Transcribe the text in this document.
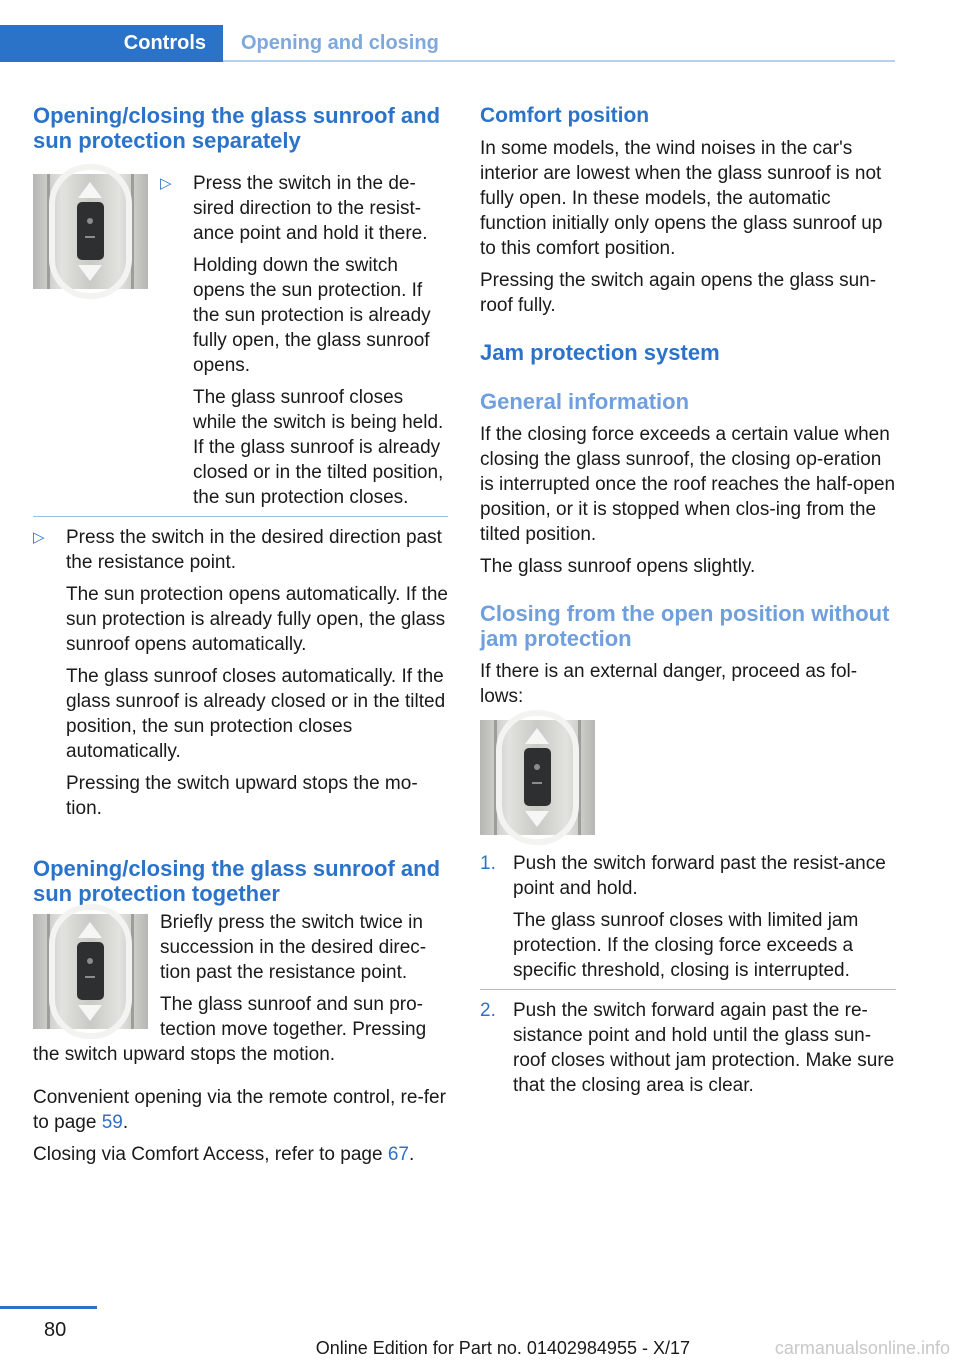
Controls Opening and closing
Opening/closing the glass sunroof and sun protection separately
▷	Press the switch in the de-sired direction to the resist-ance point and hold it there.

Holding down the switch opens the sun protection. If the sun protection is already fully open, the glass sunroof opens.

The glass sunroof closes while the switch is being held. If the glass sunroof is already closed or in the tilted position, the sun protection closes.

▷	Press the switch in the desired direction past the resistance point.

The sun protection opens automatically. If the sun protection is already fully open, the glass sunroof opens automatically.

The glass sunroof closes automatically. If the glass sunroof is already closed or in the tilted position, the sun protection closes automatically.

Pressing the switch upward stops the mo-tion.

Opening/closing the glass sunroof and sun protection together

Briefly press the switch twice in succession in the desired direc-tion past the resistance point.

The glass sunroof and sun pro-tection move together. Pressing the switch upward stops the motion.

Convenient opening via the remote control, re-fer to page 59.

Closing via Comfort Access, refer to page 67.

Comfort position

In some models, the wind noises in the car's interior are lowest when the glass sunroof is not fully open. In these models, the automatic function initially only opens the glass sunroof up to this comfort position.

Pressing the switch again opens the glass sun-roof fully.

Jam protection system
General information

If the closing force exceeds a certain value when closing the glass sunroof, the closing op-eration is interrupted once the roof reaches the half-open position, or it is stopped when clos-ing from the tilted position.

The glass sunroof opens slightly.

Closing from the open position without jam protection

If there is an external danger, proceed as fol-lows:

1. Push the switch forward past the resist-ance point and hold.

The glass sunroof closes with limited jam protection. If the closing force exceeds a specific threshold, closing is interrupted.

2. Push the switch forward again past the re-sistance point and hold until the glass sun-roof closes without jam protection. Make sure that the closing area is clear.

80
Online Edition for Part no. 01402984955 - X/17	carmanualsonline.info
